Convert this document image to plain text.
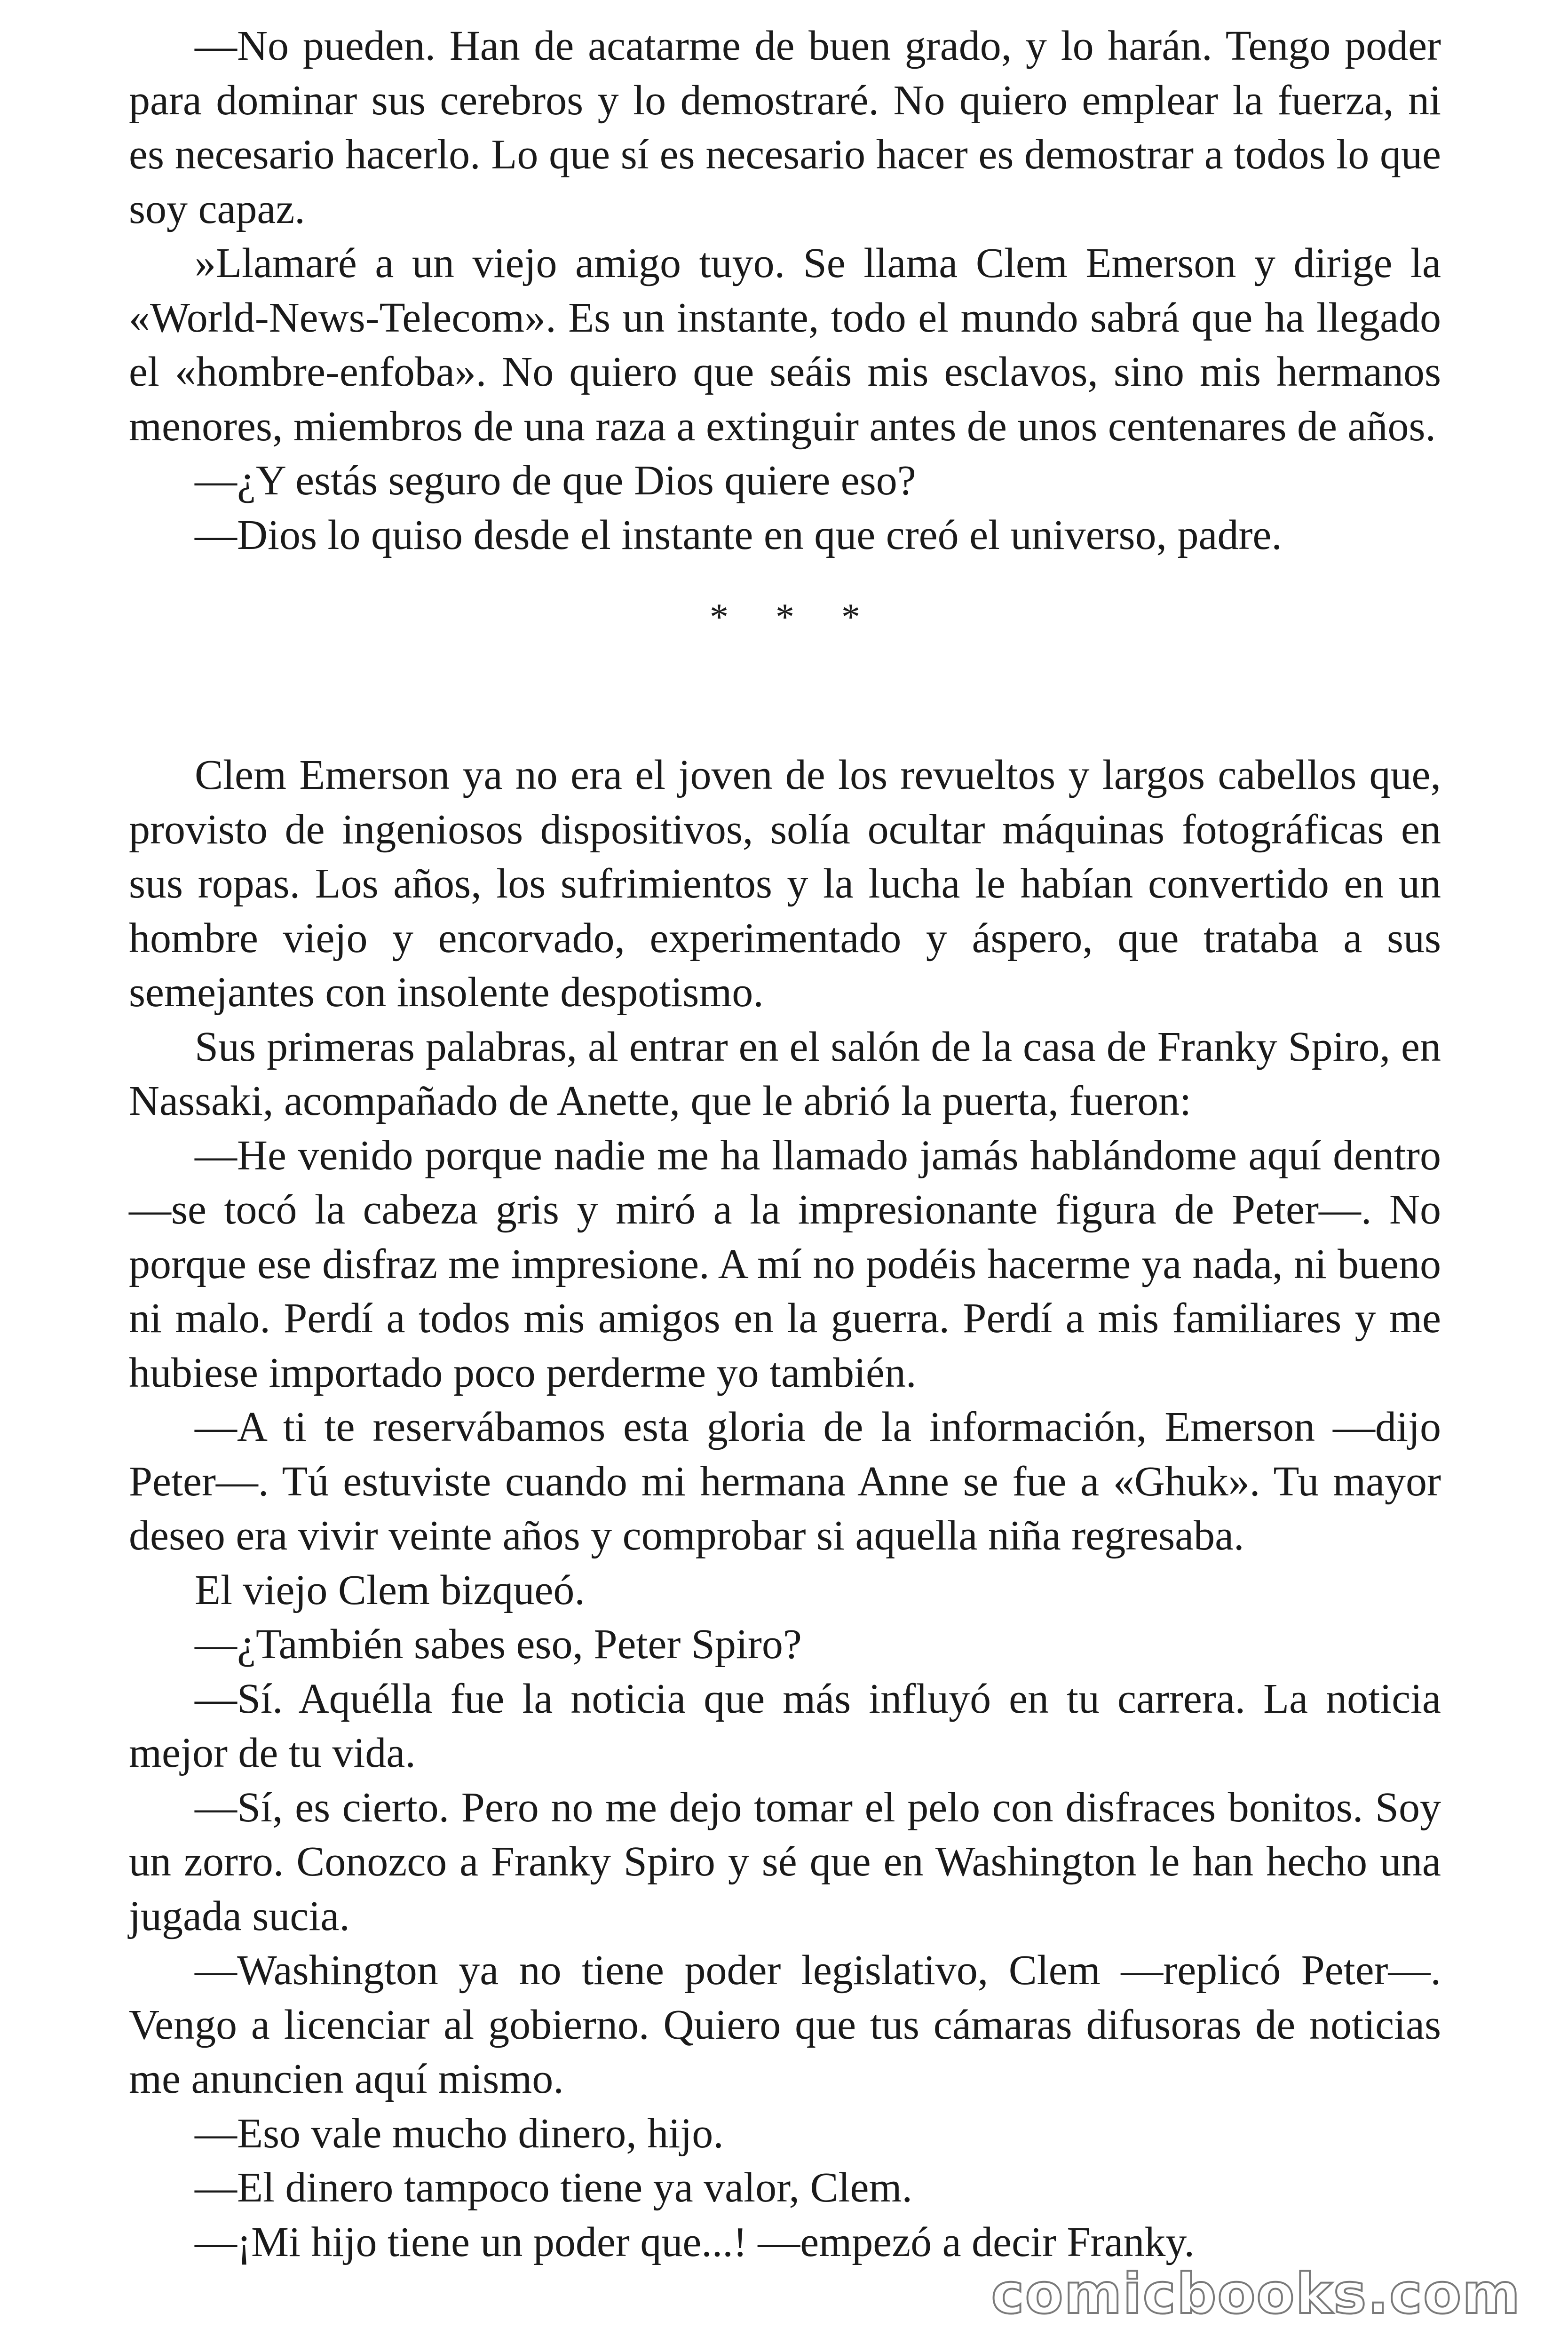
—No pueden. Han de acatarme de buen grado, y lo harán. Tengo poder para dominar sus cerebros y lo demostraré. No quiero emplear la fuerza, ni es necesario hacerlo. Lo que sí es necesario hacer es demostrar a todos lo que soy capaz.

»Llamaré a un viejo amigo tuyo. Se llama Clem Emerson y dirige la «World-News-Telecom». Es un instante, todo el mundo sabrá que ha llegado el «hombre-enfoba». No quiero que seáis mis esclavos, sino mis hermanos menores, miembros de una raza a extinguir antes de unos centenares de años.

—¿Y estás seguro de que Dios quiere eso?

—Dios lo quiso desde el instante en que creó el universo, padre.

* * *

Clem Emerson ya no era el joven de los revueltos y largos cabellos que, provisto de ingeniosos dispositivos, solía ocultar máquinas fotográficas en sus ropas. Los años, los sufrimientos y la lucha le habían convertido en un hombre viejo y encorvado, experimentado y áspero, que trataba a sus semejantes con insolente despotismo.

Sus primeras palabras, al entrar en el salón de la casa de Franky Spiro, en Nassaki, acompañado de Anette, que le abrió la puerta, fueron:

—He venido porque nadie me ha llamado jamás hablándome aquí dentro —se tocó la cabeza gris y miró a la impresionante figura de Peter—. No porque ese disfraz me impresione. A mí no podéis hacerme ya nada, ni bueno ni malo. Perdí a todos mis amigos en la guerra. Perdí a mis familiares y me hubiese importado poco perderme yo también.

—A ti te reservábamos esta gloria de la información, Emerson —dijo Peter—. Tú estuviste cuando mi hermana Anne se fue a «Ghuk». Tu mayor deseo era vivir veinte años y comprobar si aquella niña regresaba.

El viejo Clem bizqueó.

—¿También sabes eso, Peter Spiro?

—Sí. Aquélla fue la noticia que más influyó en tu carrera. La noticia mejor de tu vida.

—Sí, es cierto. Pero no me dejo tomar el pelo con disfraces bonitos. Soy un zorro. Conozco a Franky Spiro y sé que en Washington le han hecho una jugada sucia.

—Washington ya no tiene poder legislativo, Clem —replicó Peter—. Vengo a licenciar al gobierno. Quiero que tus cámaras difusoras de noticias me anuncien aquí mismo.

—Eso vale mucho dinero, hijo.

—El dinero tampoco tiene ya valor, Clem.

—¡Mi hijo tiene un poder que...! —empezó a decir Franky.

comicbooks.com
